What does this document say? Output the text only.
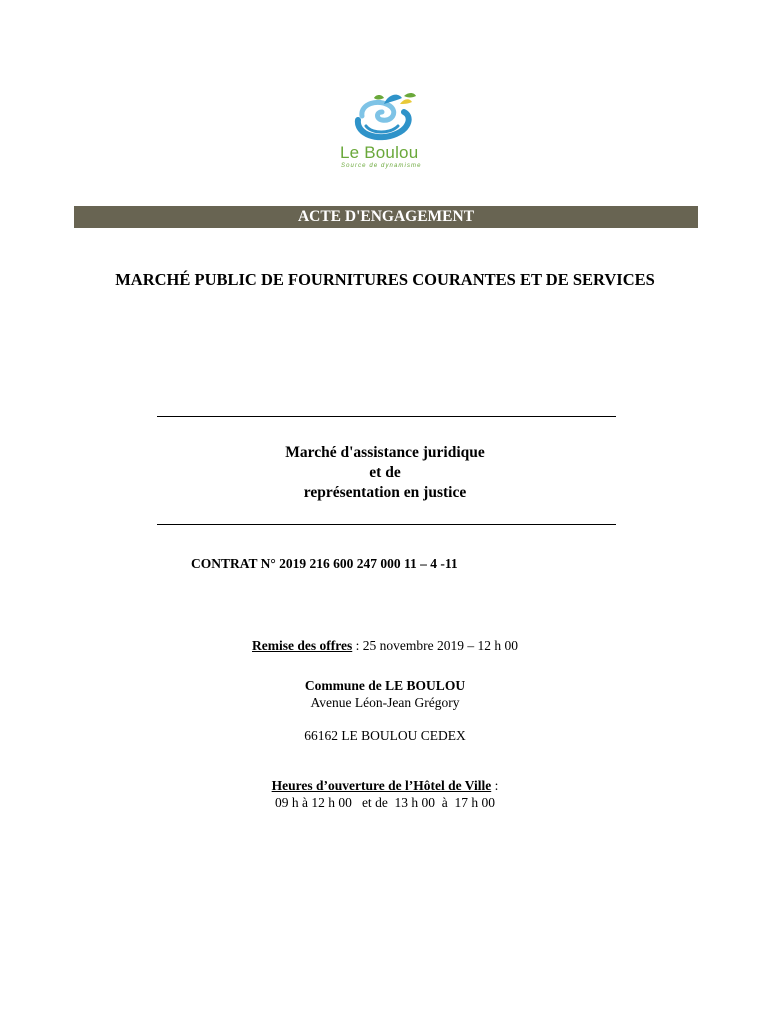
Le Boulou
Source de dynamisme
ACTE D'ENGAGEMENT
MARCHÉ PUBLIC DE FOURNITURES COURANTES ET DE SERVICES
Marché d'assistance juridique
et de
représentation en justice
CONTRAT N° 2019 216 600 247 000 11 – 4 -11
Remise des offres : 25 novembre 2019 – 12 h 00
Commune de LE BOULOU
Avenue Léon-Jean Grégory
66162 LE BOULOU CEDEX
Heures d’ouverture de l’Hôtel de Ville :
09 h à 12 h 00   et de  13 h 00  à  17 h 00
